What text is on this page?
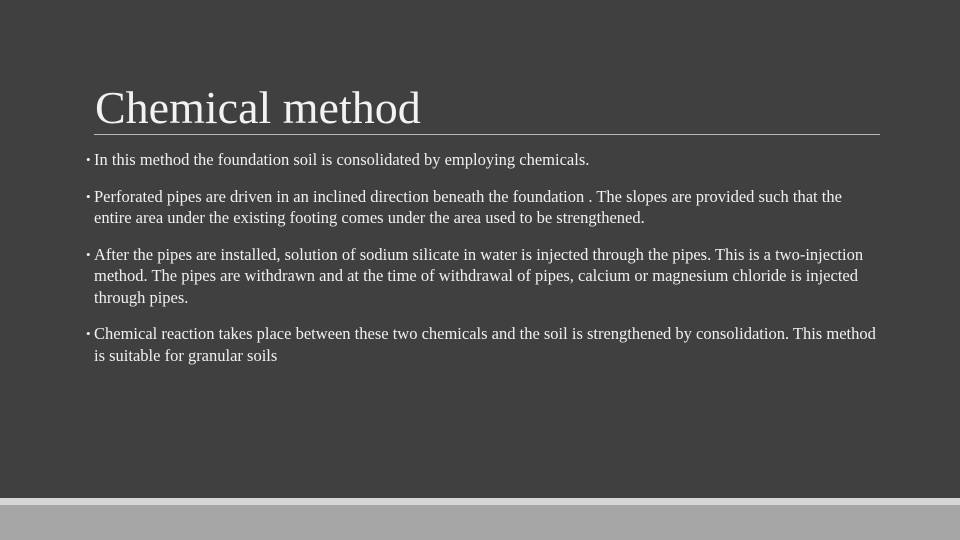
Chemical method
• In this method the foundation soil is consolidated by employing chemicals.
• Perforated pipes are driven in an inclined direction beneath the foundation . The slopes are provided such that the entire area under the existing footing comes under the area used to be strengthened.
• After the pipes are installed, solution of sodium silicate in water is injected through the pipes. This is a two-injection method. The pipes are withdrawn and at the time of withdrawal of pipes, calcium or magnesium chloride is injected through pipes.
• Chemical reaction takes place between these two chemicals and the soil is strengthened by consolidation. This method is suitable for granular soils
